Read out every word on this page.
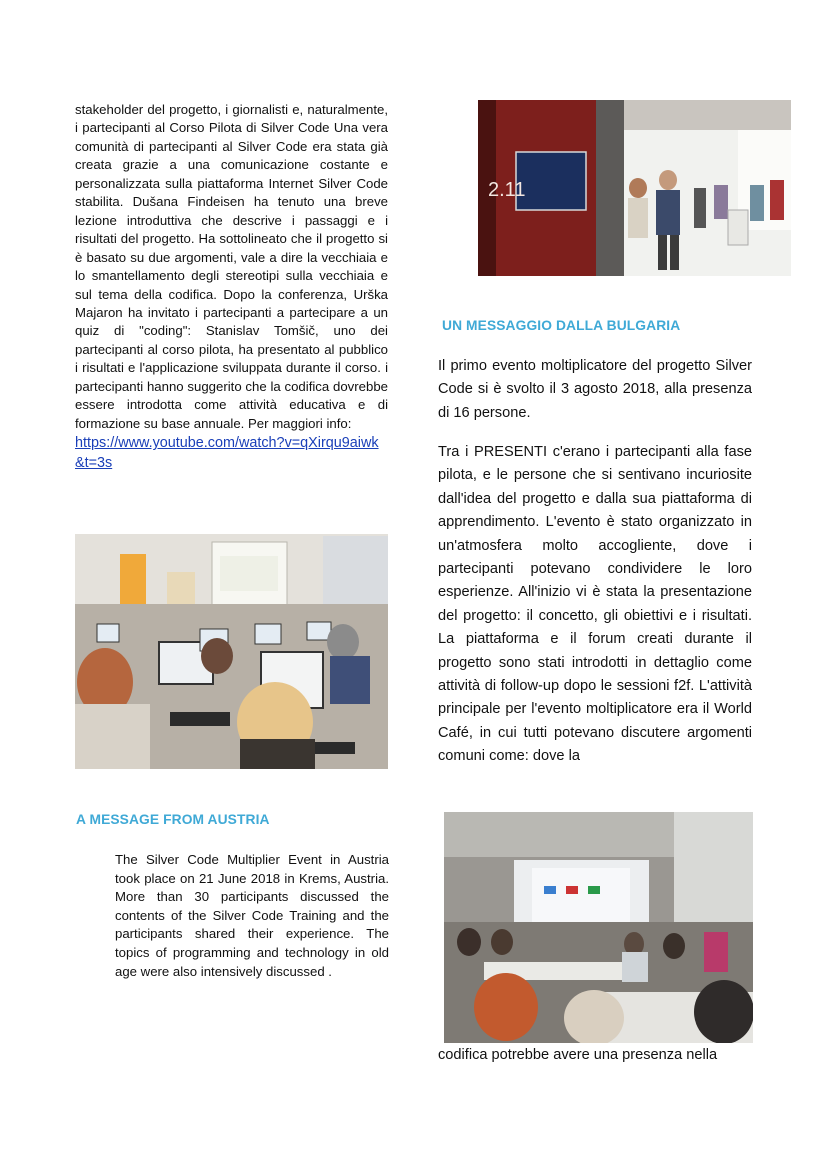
stakeholder del progetto, i giornalisti e, naturalmente, i partecipanti al Corso Pilota di Silver Code Una vera comunità di partecipanti al Silver Code era stata già creata grazie a una comunicazione costante e personalizzata sulla piattaforma Internet Silver Code stabilita. Dušana Findeisen ha tenuto una breve lezione introduttiva che descrive i passaggi e i risultati del progetto. Ha sottolineato che il progetto si è basato su due argomenti, vale a dire la vecchiaia e lo smantellamento degli stereotipi sulla vecchiaia e sul tema della codifica. Dopo la conferenza, Urška Majaron ha invitato i partecipanti a partecipare a un quiz di "coding": Stanislav Tomšič, uno dei partecipanti al corso pilota, ha presentato al pubblico i risultati e l'applicazione sviluppata durante il corso. i partecipanti hanno suggerito che la codifica dovrebbe essere introdotta come attività educativa e di formazione su base annuale. Per maggiori info:
https://www.youtube.com/watch?v=qXirqu9aiwk&t=3s
A MESSAGE FROM AUSTRIA
The Silver Code Multiplier Event in Austria took place on 21 June 2018 in Krems, Austria. More than 30 participants discussed the contents of the Silver Code Training and the participants shared their experience. The topics of programming and technology in old age were also intensively discussed .
2.11
UN MESSAGGIO DALLA BULGARIA
Il primo evento moltiplicatore del progetto Silver Code si è svolto il 3 agosto 2018, alla presenza di 16 persone.
Tra i PRESENTI c'erano i partecipanti alla fase pilota, e le persone che si sentivano incuriosite dall'idea del progetto e dalla sua piattaforma di apprendimento. L'evento è stato organizzato in un'atmosfera molto accogliente, dove i partecipanti potevano condividere le loro esperienze. All'inizio vi è stata la presentazione del progetto: il concetto, gli obiettivi e i risultati. La piattaforma e il forum creati durante il progetto sono stati introdotti in dettaglio come attività di follow-up dopo le sessioni f2f. L'attività principale per l'evento moltiplicatore era il World Café, in cui tutti potevano discutere argomenti comuni come: dove la
codifica potrebbe avere una presenza nella
